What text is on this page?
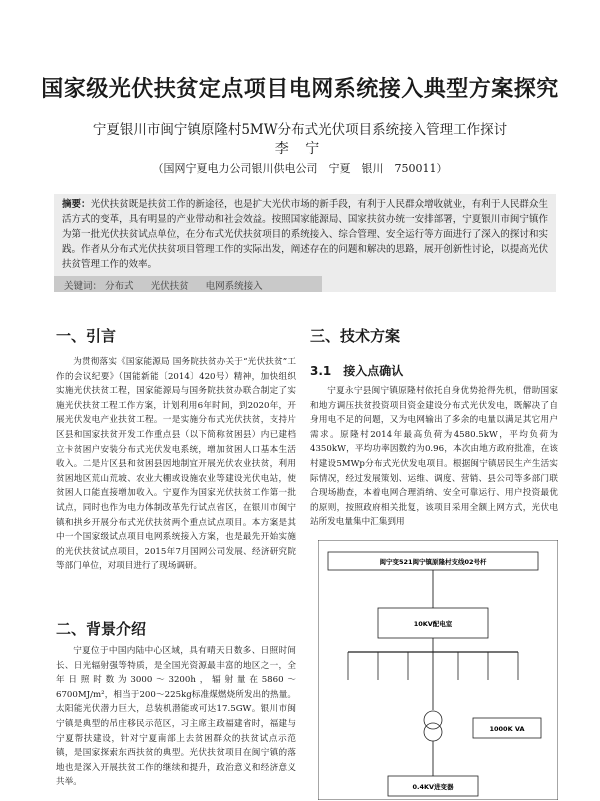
国家级光伏扶贫定点项目电网系统接入典型方案探究
宁夏银川市闽宁镇原隆村5MW分布式光伏项目系统接入管理工作探讨
李 宁
（国网宁夏电力公司银川供电公司　宁夏　银川　750011）
摘要：光伏扶贫既是扶贫工作的新途径，也是扩大光伏市场的新手段，有利于人民群众增收就业，有利于人民群众生活方式的变革，具有明显的产业带动和社会效益。按照国家能源局、国家扶贫办统一安排部署，宁夏银川市闽宁镇作为第一批光伏扶贫试点单位，在分布式光伏扶贫项目的系统接入、综合管理、安全运行等方面进行了深入的探讨和实践。作者从分布式光伏扶贫项目管理工作的实际出发，阐述存在的问题和解决的思路，展开创新性讨论，以提高光伏扶贫管理工作的效率。
关键词： 分布式 光伏扶贫 电网系统接入
一、引言

为贯彻落实《国家能源局 国务院扶贫办关于“光伏扶贫”工作的会议纪要》（国能新能〔2014〕420号）精神，加快组织实施光伏扶贫工程，国家能源局与国务院扶贫办联合制定了实施光伏扶贫工程工作方案，计划利用6年时间，到2020年，开展光伏发电产业扶贫工程。一是实施分布式光伏扶贫，支持片区县和国家扶贫开发工作重点县（以下简称贫困县）内已建档立卡贫困户安装分布式光伏发电系统，增加贫困人口基本生活收入。二是片区县和贫困县因地制宜开展光伏农业扶贫，利用贫困地区荒山荒坡、农业大棚或设施农业等建设光伏电站，使贫困人口能直接增加收入。宁夏作为国家光伏扶贫工作第一批试点，同时也作为电力体制改革先行试点省区，在银川市闽宁镇和拱乡开展分布式光伏扶贫两个重点试点项目。本方案是其中一个国家级试点项目电网系统接入方案，也是最先开始实施的光伏扶贫试点项目，2015年7月国网公司发展、经济研究院等部门单位，对项目进行了现场调研。

二、背景介绍

宁夏位于中国内陆中心区域，具有晴天日数多、日照时间长、日光辐射强等特质，是全国光资源最丰富的地区之一，全年日照时数为3000～3200h，辐射量在5860～6700MJ/m²，相当于200～225kg标准煤燃烧所发出的热量。太阳能光伏潜力巨大，总装机潜能或可达17.5GW。银川市闽宁镇是典型的吊庄移民示范区，习主席主政福建省时，福建与宁夏帮扶建设，针对宁夏南部上去贫困群众的扶贫试点示范镇，是国家探索东西扶贫的典型。光伏扶贫项目在闽宁镇的落地也是深入开展扶贫工作的继续和提升，政治意义和经济意义共举。

三、技术方案
3.1　接入点确认

宁夏永宁县闽宁镇原隆村依托自身优势抢得先机，借助国家和地方调压扶贫投资项目资金建设分布式光伏发电，既解决了自身用电不足的问题，又为电网输出了多余的电量以满足其它用户需求。原隆村2014年最高负荷为4580.5kW，平均负荷为4350kW，平均功率因数约为0.96，本次由地方政府批准，在该村建设5MWp分布式光伏发电项目。根据闽宁镇居民生产生活实际情况，经过发展策划、运维、调度、营销、县公司等多部门联合现场勘查，本着电网合理消纳、安全可靠运行、用户投资最优的原则，按照政府相关批复，该项目采用全额上网方式，光伏电站所发电量集中汇集到用

闽宁变521闽宁镇原隆村支线02号杆
10KV配电室
1000K VA
0.4KV进变器
